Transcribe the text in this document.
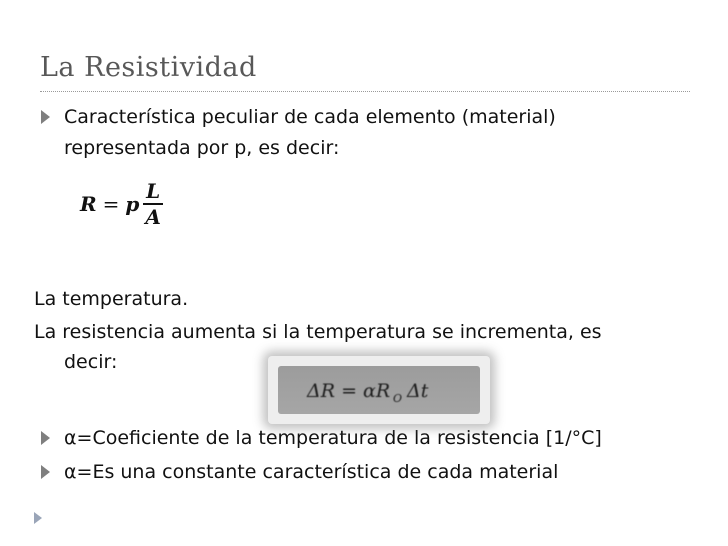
La Resistividad
Característica peculiar de cada elemento (material)
representada por p, es decir:
R = p $\frac{L}{A}$
La temperatura.
La resistencia aumenta si la temperatura se incrementa, es
decir:
α=Coeficiente de la temperatura de la resistencia [1/°C]
α=Es una constante característica de cada material
ΔR = αR O Δt
